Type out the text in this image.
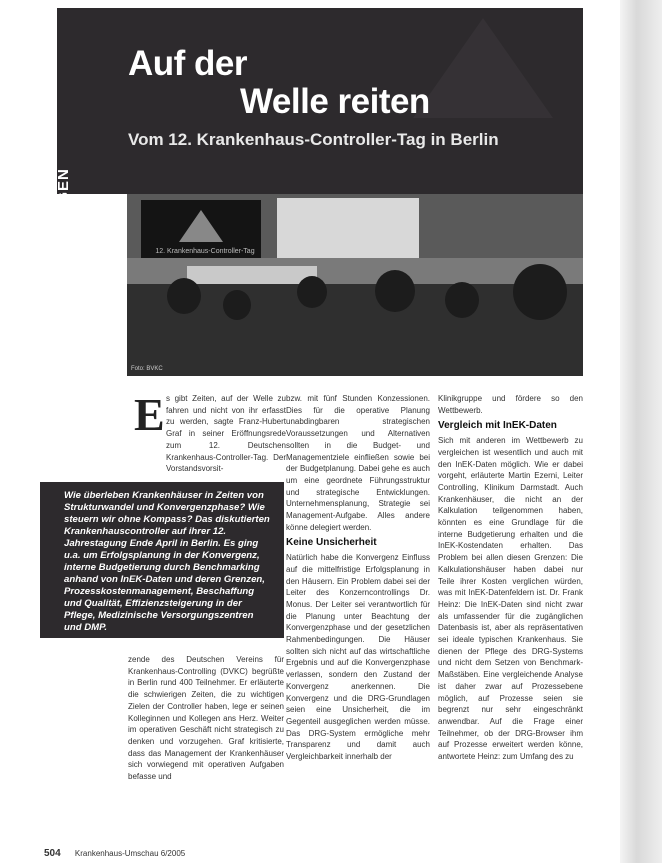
Auf der
Welle reiten
Vom 12. Krankenhaus-Controller-Tag in Berlin
TAGUNGEN	12. Krankenhaus-Controller-Tag
Foto: BVKC
E s gibt Zeiten, auf der Welle zu fahren und nicht von ihr erfasst zu werden, sagte Franz-Hubert Graf in seiner Eröffnungsrede zum 12. Deutschen Krankenhaus-Controller-Tag. Der Vorstandsvorsit-

Wie überleben Krankenhäuser in Zeiten von Strukturwandel und Konvergenzphase? Wie steuern wir ohne Kompass? Das diskutierten Krankenhauscontroller auf ihrer 12. Jahrestagung Ende April in Berlin. Es ging u.a. um Erfolgsplanung in der Konvergenz, interne Budgetierung durch Benchmarking anhand von InEK-Daten und deren Grenzen, Prozesskostenmanagement, Beschaffung und Qualität, Effizienzsteigerung in der Pflege, Medizinische Versorgungszentren und DMP.

zende des Deutschen Vereins für Krankenhaus-Controlling (DVKC) begrüßte in Berlin rund 400 Teilnehmer. Er erläuterte die schwierigen Zeiten, die zu wichtigen Zielen der Controller haben, lege er seinen Kolleginnen und Kollegen ans Herz. Weiter im operativen Geschäft nicht strategisch zu denken und vorzugehen. Graf kritisierte, dass das Management der Krankenhäuser sich vorwiegend mit operativen Aufgaben befasse und

bzw. mit fünf Stunden Konzessionen. Dies für die operative Planung unabdingbaren strategischen Voraussetzungen und Alternativen sollten in die Budget- und Managementziele einfließen sowie bei der Budgetplanung. Dabei gehe es auch um eine geordnete Führungsstruktur und strategische Entwicklungen. Unternehmensplanung, Strategie sei Management-Aufgabe. Alles andere könne delegiert werden.

Keine Unsicherheit

Natürlich habe die Konvergenz Einfluss auf die mittelfristige Erfolgsplanung in den Häusern. Ein Problem dabei sei der Leiter des Konzerncontrollings Dr. Monus. Der Leiter sei verantwortlich für die Planung unter Beachtung der Konvergenzphase und der gesetzlichen Rahmenbedingungen. Die Häuser sollten sich nicht auf das wirtschaftliche Ergebnis und auf die Konvergenzphase verlassen, sondern den Zustand der Konvergenz anerkennen. Die Konvergenz und die DRG-Grundlagen seien eine Unsicherheit, die im Gegenteil ausgeglichen werden müsse. Das DRG-System ermögliche mehr Transparenz und damit auch Vergleichbarkeit innerhalb der

Klinikgruppe und fördere so den Wettbewerb.

Vergleich mit InEK-Daten

Sich mit anderen im Wettbewerb zu vergleichen ist wesentlich und auch mit den InEK-Daten möglich. Wie er dabei vorgeht, erläuterte Martin Ezerni, Leiter Controlling, Klinikum Darmstadt. Auch Krankenhäuser, die nicht an der Kalkulation teilgenommen haben, könnten es eine Grundlage für die interne Budgetierung erhalten und die InEK-Kostendaten erhalten. Das Problem bei allen diesen Grenzen: Die Kalkulationshäuser haben dabei nur Teile ihrer Kosten verglichen würden, was mit InEK-Datenfeldern ist. Dr. Frank Heinz: Die InEK-Daten sind nicht zwar als umfassender für die zugänglichen Datenbasis ist, aber als repräsentativen sei ideale typischen Krankenhaus. Sie dienen der Pflege des DRG-Systems und nicht dem Setzen von Benchmark-Maßstäben. Eine vergleichende Analyse ist daher zwar auf Prozessebene möglich, auf Prozesse seien sie begrenzt nur sehr eingeschränkt anwendbar. Auf die Frage einer Teilnehmer, ob der DRG-Browser ihm auf Prozesse erweitert werden könne, antwortete Heinz: zum Umfang des zu

504 Krankenhaus-Umschau 6/2005
